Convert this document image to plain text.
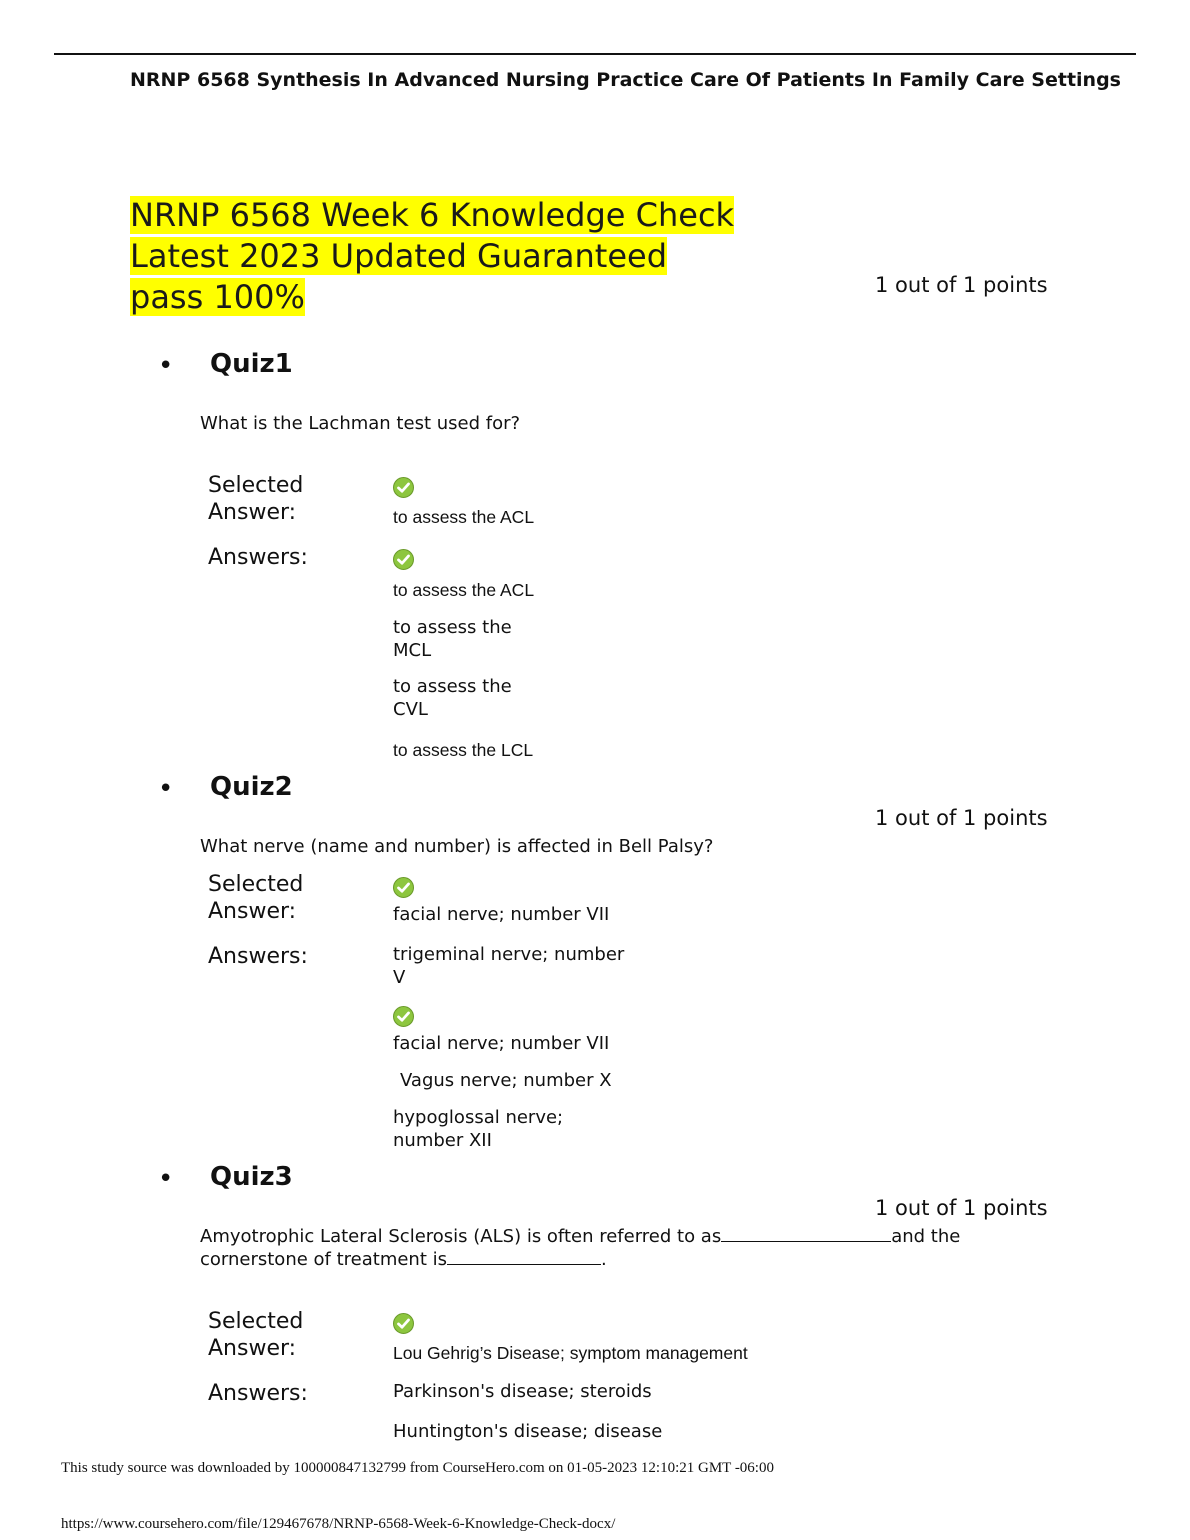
NRNP 6568 Synthesis In Advanced Nursing Practice Care Of Patients In Family Care Settings
NRNP 6568 Week 6 Knowledge Check
Latest 2023 Updated Guaranteed
pass 100%	1 out of 1 points
• Quiz1
What is the Lachman test used for?
Selected
Answer:	to assess the ACL
Answers:
to assess the ACL
to assess the
MCL
to assess the
CVL
to assess the LCL
• Quiz2
1 out of 1 points
What nerve (name and number) is affected in Bell Palsy?
Selected
Answer:	facial nerve; number VII
Answers:	trigeminal nerve; number
V
facial nerve; number VII
Vagus nerve; number X
hypoglossal nerve;
number XII
• Quiz3
1 out of 1 points
Amyotrophic Lateral Sclerosis (ALS) is often referred to as	and the
cornerstone of treatment is	.
Selected
Answer:	Lou Gehrig’s Disease; symptom management
Answers:	Parkinson's disease; steroids
Huntington's disease; disease
This study source was downloaded by 100000847132799 from CourseHero.com on 01-05-2023 12:10:21 GMT -06:00
https://www.coursehero.com/file/129467678/NRNP-6568-Week-6-Knowledge-Check-docx/
